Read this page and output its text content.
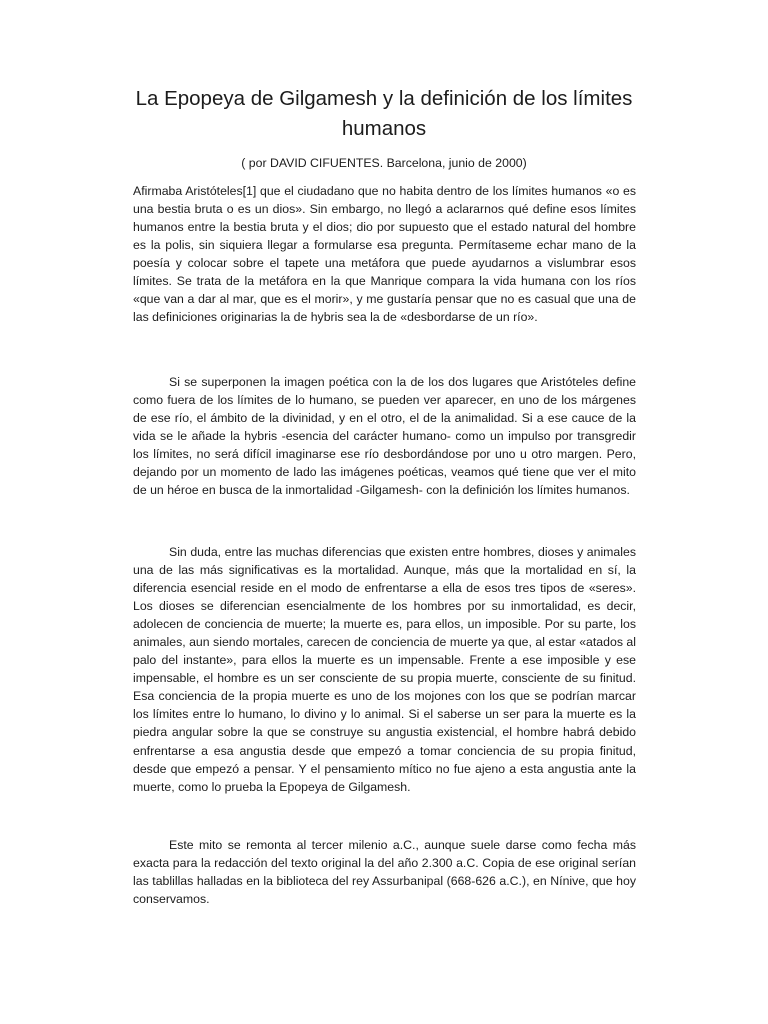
La Epopeya de Gilgamesh y la definición de los límites humanos

( por DAVID CIFUENTES. Barcelona, junio de 2000)

Afirmaba Aristóteles[1] que el ciudadano que no habita dentro de los límites humanos «o es una bestia bruta o es un dios». Sin embargo, no llegó a aclararnos qué define esos límites humanos entre la bestia bruta y el dios; dio por supuesto que el estado natural del hombre es la polis, sin siquiera llegar a formularse esa pregunta. Permítaseme echar mano de la poesía y colocar sobre el tapete una metáfora que puede ayudarnos a vislumbrar esos límites. Se trata de la metáfora en la que Manrique compara la vida humana con los ríos «que van a dar al mar, que es el morir», y me gustaría pensar que no es casual que una de las definiciones originarias la de hybris sea la de «desbordarse de un río».

Si se superponen la imagen poética con la de los dos lugares que Aristóteles define como fuera de los límites de lo humano, se pueden ver aparecer, en uno de los márgenes de ese río, el ámbito de la divinidad, y en el otro, el de la animalidad. Si a ese cauce de la vida se le añade la hybris -esencia del carácter humano- como un impulso por transgredir los límites, no será difícil imaginarse ese río desbordándose por uno u otro margen. Pero, dejando por un momento de lado las imágenes poéticas, veamos qué tiene que ver el mito de un héroe en busca de la inmortalidad -Gilgamesh- con la definición los límites humanos.

Sin duda, entre las muchas diferencias que existen entre hombres, dioses y animales una de las más significativas es la mortalidad. Aunque, más que la mortalidad en sí, la diferencia esencial reside en el modo de enfrentarse a ella de esos tres tipos de «seres». Los dioses se diferencian esencialmente de los hombres por su inmortalidad, es decir, adolecen de conciencia de muerte; la muerte es, para ellos, un imposible. Por su parte, los animales, aun siendo mortales, carecen de conciencia de muerte ya que, al estar «atados al palo del instante», para ellos la muerte es un impensable. Frente a ese imposible y ese impensable, el hombre es un ser consciente de su propia muerte, consciente de su finitud. Esa conciencia de la propia muerte es uno de los mojones con los que se podrían marcar los límites entre lo humano, lo divino y lo animal. Si el saberse un ser para la muerte es la piedra angular sobre la que se construye su angustia existencial, el hombre habrá debido enfrentarse a esa angustia desde que empezó a tomar conciencia de su propia finitud, desde que empezó a pensar. Y el pensamiento mítico no fue ajeno a esta angustia ante la muerte, como lo prueba la Epopeya de Gilgamesh.

Este mito se remonta al tercer milenio a.C., aunque suele darse como fecha más exacta para la redacción del texto original la del año 2.300 a.C. Copia de ese original serían las tablillas halladas en la biblioteca del rey Assurbanipal (668‑626 a.C.), en Nínive, que hoy conservamos.
